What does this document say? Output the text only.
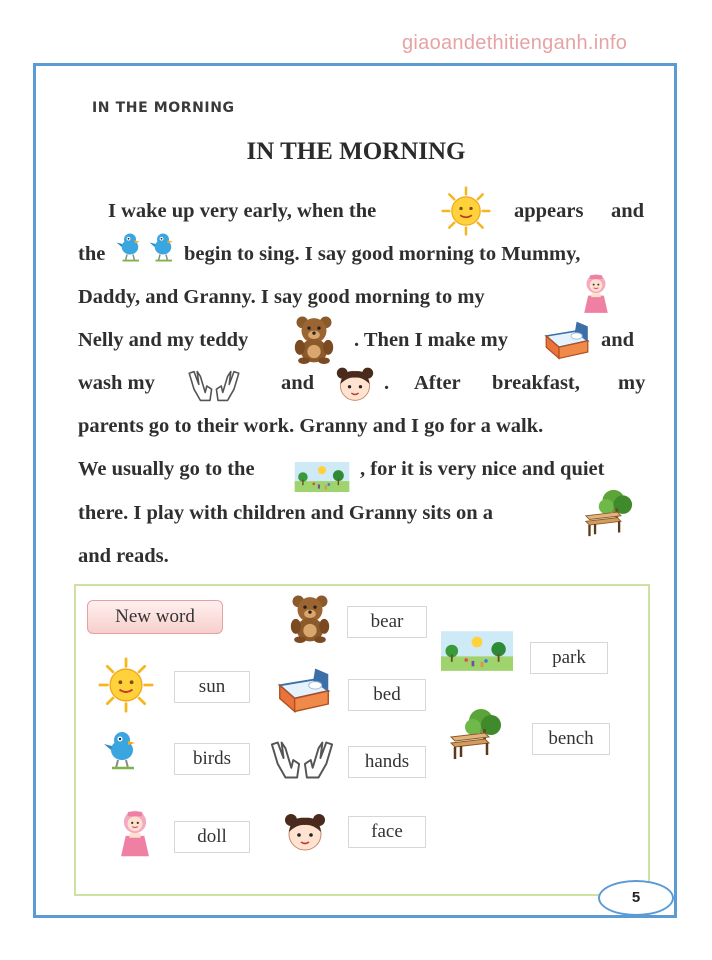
giaoandethitienganh.info
IN THE MORNING
IN THE MORNING
I wake up very early, when the	appears and
the	begin to sing. I say good morning to Mummy,
Daddy, and Granny. I say good morning to my
Nelly and my teddy	. Then I make my	and
wash my	and	. After breakfast, my
parents go to their work. Granny and I go for a walk.
We usually go to the	, for it is very nice and quiet
there. I play with children and Granny sits on a
and reads.
New word	bear
park
sun	bed
bench
birds	hands
doll	face
5
